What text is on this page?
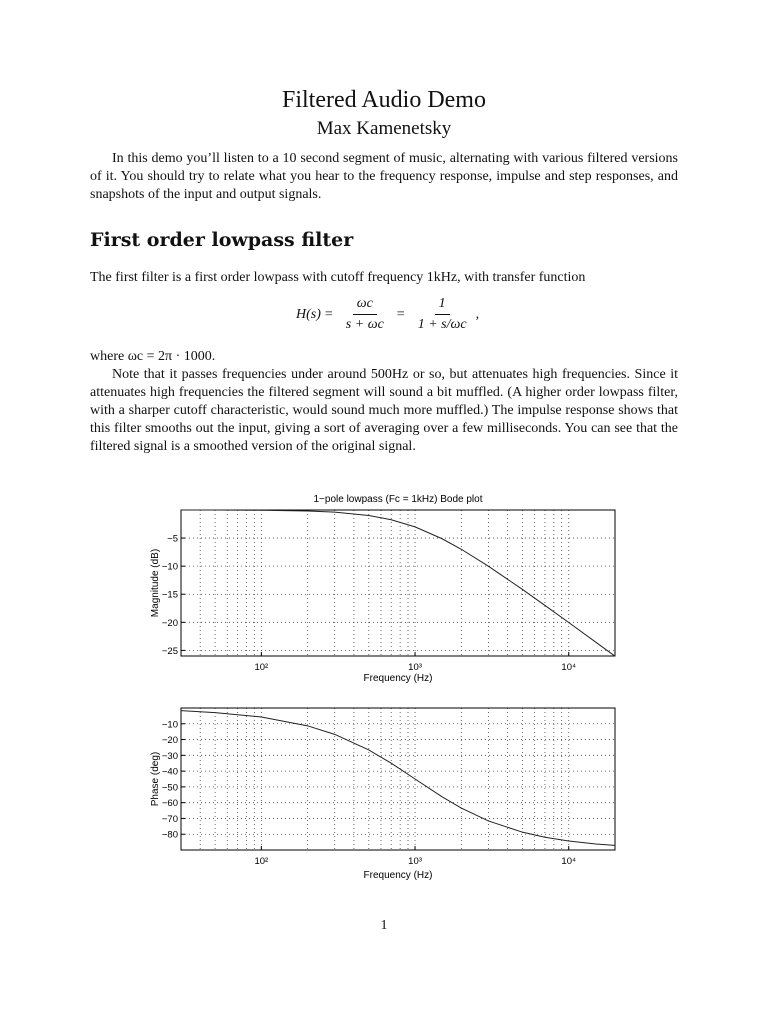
Filtered Audio Demo
Max Kamenetsky

In this demo you’ll listen to a 10 second segment of music, alternating with various filtered versions of it. You should try to relate what you hear to the frequency response, impulse and step responses, and snapshots of the input and output signals.

First order lowpass filter

The first filter is a first order lowpass with cutoff frequency 1kHz, with transfer function

$H(s) = \frac{\omega c}{s + \omega c} = \frac{1}{1 + s/\omega c}$ ,

where ωc = 2π · 1000.

Note that it passes frequencies under around 500Hz or so, but attenuates high frequencies. Since it attenuates high frequencies the filtered segment will sound a bit muffled. (A higher order lowpass filter, with a sharper cutoff characteristic, would sound much more muffled.) The impulse response shows that this filter smooths out the input, giving a sort of averaging over a few milliseconds. You can see that the filtered signal is a smoothed version of the original signal.

−5
−10
−15
−20
−25
10²	10³	10⁴
1−pole lowpass (Fc = 1kHz) Bode plot
Frequency (Hz)
Magnitude (dB)
−10
−20
−30
−40
−50
−60
−70
−80
10²	10³	10⁴
Frequency (Hz)
Phase (deg)
1
